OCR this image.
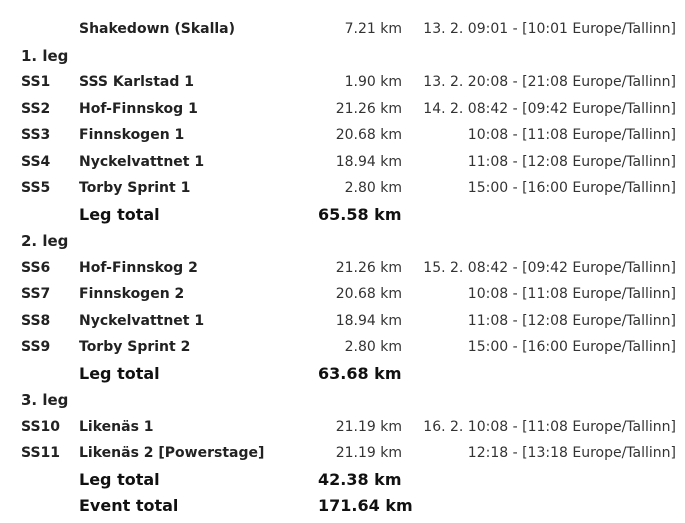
Shakedown (Skalla)	7.21 km 13. 2. 09:01 - [10:01 Europe/Tallinn]
1. leg
SS1 SSS Karlstad 1	1.90 km 13. 2. 20:08 - [21:08 Europe/Tallinn]
SS2 Hof-Finnskog 1	21.26 km 14. 2. 08:42 - [09:42 Europe/Tallinn]
SS3 Finnskogen 1	20.68 km	10:08 - [11:08 Europe/Tallinn]
SS4 Nyckelvattnet 1	18.94 km	11:08 - [12:08 Europe/Tallinn]
SS5 Torby Sprint 1	2.80 km	15:00 - [16:00 Europe/Tallinn]
Leg total	65.58 km
2. leg
SS6 Hof-Finnskog 2	21.26 km 15. 2. 08:42 - [09:42 Europe/Tallinn]
SS7 Finnskogen 2	20.68 km	10:08 - [11:08 Europe/Tallinn]
SS8 Nyckelvattnet 1	18.94 km	11:08 - [12:08 Europe/Tallinn]
SS9 Torby Sprint 2	2.80 km	15:00 - [16:00 Europe/Tallinn]
Leg total	63.68 km
3. leg
SS10 Likenäs 1	21.19 km 16. 2. 10:08 - [11:08 Europe/Tallinn]
SS11 Likenäs 2 [Powerstage]	21.19 km	12:18 - [13:18 Europe/Tallinn]
Leg total	42.38 km
Event total	171.64 km
